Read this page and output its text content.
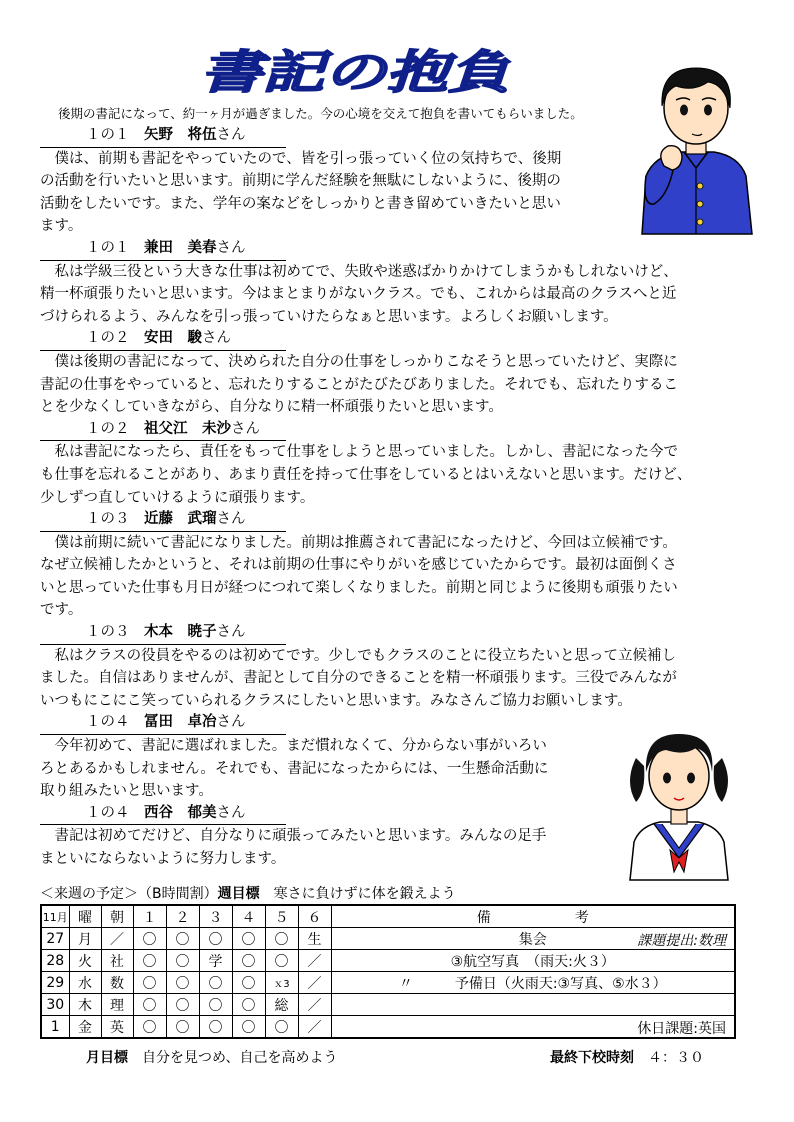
書記の抱負
後期の書記になって、約一ヶ月が過ぎました。今の心境を交えて抱負を書いてもらいました。
１の１　 矢野　将伍さん
　僕は、前期も書記をやっていたので、皆を引っ張っていく位の気持ちで、後期
の活動を行いたいと思います。前期に学んだ経験を無駄にしないように、後期の
活動をしたいです。また、学年の案などをしっかりと書き留めていきたいと思い
ます。
１の１　 兼田　美春さん
　私は学級三役という大きな仕事は初めてで、失敗や迷惑ばかりかけてしまうかもしれないけど、
精一杯頑張りたいと思います。今はまとまりがないクラス。でも、これからは最高のクラスへと近
づけられるよう、みんなを引っ張っていけたらなぁと思います。よろしくお願いします。
１の２　 安田　駿さん
　僕は後期の書記になって、決められた自分の仕事をしっかりこなそうと思っていたけど、実際に
書記の仕事をやっていると、忘れたりすることがたびたびありました。それでも、忘れたりするこ
とを少なくしていきながら、自分なりに精一杯頑張りたいと思います。
１の２　 祖父江　未沙さん
　私は書記になったら、責任をもって仕事をしようと思っていました。しかし、書記になった今で
も仕事を忘れることがあり、あまり責任を持って仕事をしているとはいえないと思います。だけど、
少しずつ直していけるように頑張ります。
１の３　 近藤　武瑠さん
　僕は前期に続いて書記になりました。前期は推薦されて書記になったけど、今回は立候補です。
なぜ立候補したかというと、それは前期の仕事にやりがいを感じていたからです。最初は面倒くさ
いと思っていた仕事も月日が経つにつれて楽しくなりました。前期と同じように後期も頑張りたい
です。
１の３　 木本　暁子さん
　私はクラスの役員をやるのは初めてです。少しでもクラスのことに役立ちたいと思って立候補し
ました。自信はありませんが、書記として自分のできることを精一杯頑張ります。三役でみんなが
いつもにこにこ笑っていられるクラスにしたいと思います。みなさんご協力お願いします。
１の４　 冨田　卓冶さん
　今年初めて、書記に選ばれました。まだ慣れなくて、分からない事がいろい
ろとあるかもしれません。それでも、書記になったからには、一生懸命活動に
取り組みたいと思います。
１の４　 西谷　郁美さん
　書記は初めてだけど、自分なりに頑張ってみたいと思います。みんなの足手
まといにならないように努力します。
＜来週の予定＞（B時間割）週目標　 寒さに負けずに体を鍛えよう
11月	曜	朝	１	２	３	４	５	６	備　　　　　　考
27	月	／	〇	〇	〇	〇	〇	生	集会 課題提出:数理

28	火	社	〇	〇	学	〇	〇	／	③航空写真　（雨天:火３）

29	水	数	〇	〇	〇	〇	ｘ3	／	〃　　　予備日（火雨天:③写真、⑤水３）

30	木	理	〇	〇	〇	〇	総	／	

1	金	英	〇	〇	〇	〇	〇	／	休日課題:英国
月目標　 自分を見つめ、自己を高めよう	最終下校時刻　 ４：３０
